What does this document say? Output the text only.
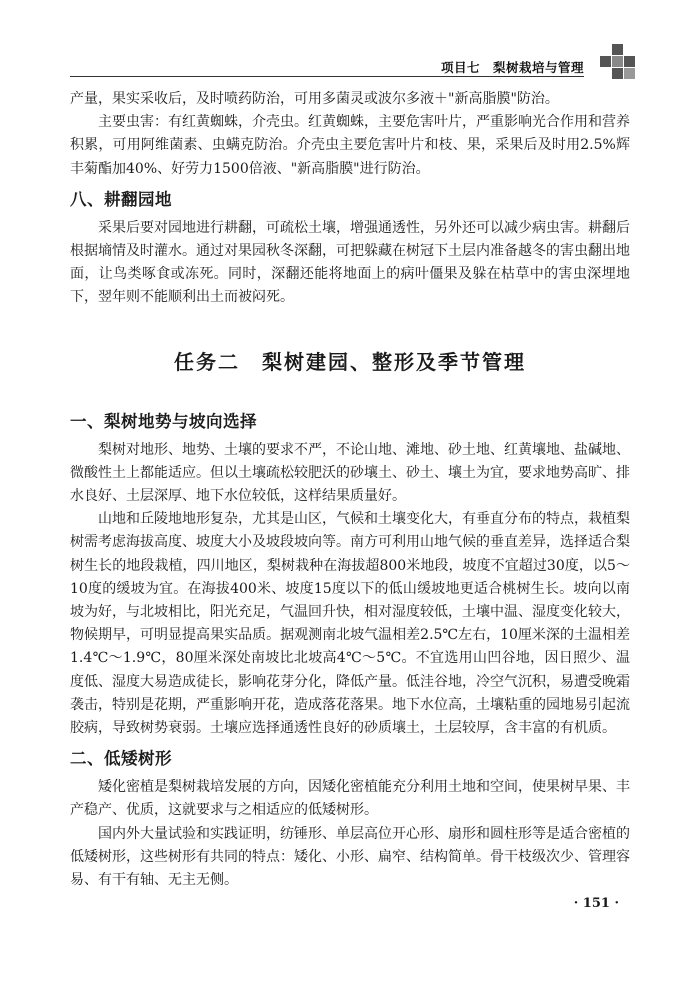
项目七　梨树栽培与管理

产量，果实采收后，及时喷药防治，可用多菌灵或波尔多液＋"新高脂膜"防治。

主要虫害：有红黄蜘蛛，介壳虫。红黄蜘蛛，主要危害叶片，严重影响光合作用和营养积累，可用阿维菌素、虫螨克防治。介壳虫主要危害叶片和枝、果，采果后及时用2.5%辉丰菊酯加40%、好劳力1500倍液、"新高脂膜"进行防治。

八、耕翻园地

采果后要对园地进行耕翻，可疏松土壤，增强通透性，另外还可以减少病虫害。耕翻后根据墒情及时灌水。通过对果园秋冬深翻，可把躲藏在树冠下土层内准备越冬的害虫翻出地面，让鸟类啄食或冻死。同时，深翻还能将地面上的病叶僵果及躲在枯草中的害虫深埋地下，翌年则不能顺利出土而被闷死。

任务二　梨树建园、整形及季节管理
一、梨树地势与坡向选择

梨树对地形、地势、土壤的要求不严，不论山地、滩地、砂土地、红黄壤地、盐碱地、微酸性土上都能适应。但以土壤疏松较肥沃的砂壤土、砂土、壤土为宜，要求地势高旷、排水良好、土层深厚、地下水位较低，这样结果质量好。

山地和丘陵地地形复杂，尤其是山区，气候和土壤变化大，有垂直分布的特点，栽植梨树需考虑海拔高度、坡度大小及坡段坡向等。南方可利用山地气候的垂直差异，选择适合梨树生长的地段栽植，四川地区，梨树栽种在海拔超800米地段，坡度不宜超过30度，以5～10度的缓坡为宜。在海拔400米、坡度15度以下的低山缓坡地更适合桃树生长。坡向以南坡为好，与北坡相比，阳光充足，气温回升快，相对湿度较低，土壤中温、湿度变化较大，物候期早，可明显提高果实品质。据观测南北坡气温相差2.5℃左右，10厘米深的土温相差1.4℃～1.9℃，80厘米深处南坡比北坡高4℃～5℃。不宜选用山凹谷地，因日照少、温度低、湿度大易造成徒长，影响花芽分化，降低产量。低洼谷地，冷空气沉积，易遭受晚霜袭击，特别是花期，严重影响开花，造成落花落果。地下水位高，土壤粘重的园地易引起流胶病，导致树势衰弱。土壤应选择通透性良好的砂质壤土，土层较厚，含丰富的有机质。

二、低矮树形

矮化密植是梨树栽培发展的方向，因矮化密植能充分利用土地和空间，使果树早果、丰产稳产、优质，这就要求与之相适应的低矮树形。

国内外大量试验和实践证明，纺锤形、单层高位开心形、扇形和圆柱形等是适合密植的低矮树形，这些树形有共同的特点：矮化、小形、扁窄、结构简单。骨干枝级次少、管理容易、有干有轴、无主无侧。

· 151 ·
